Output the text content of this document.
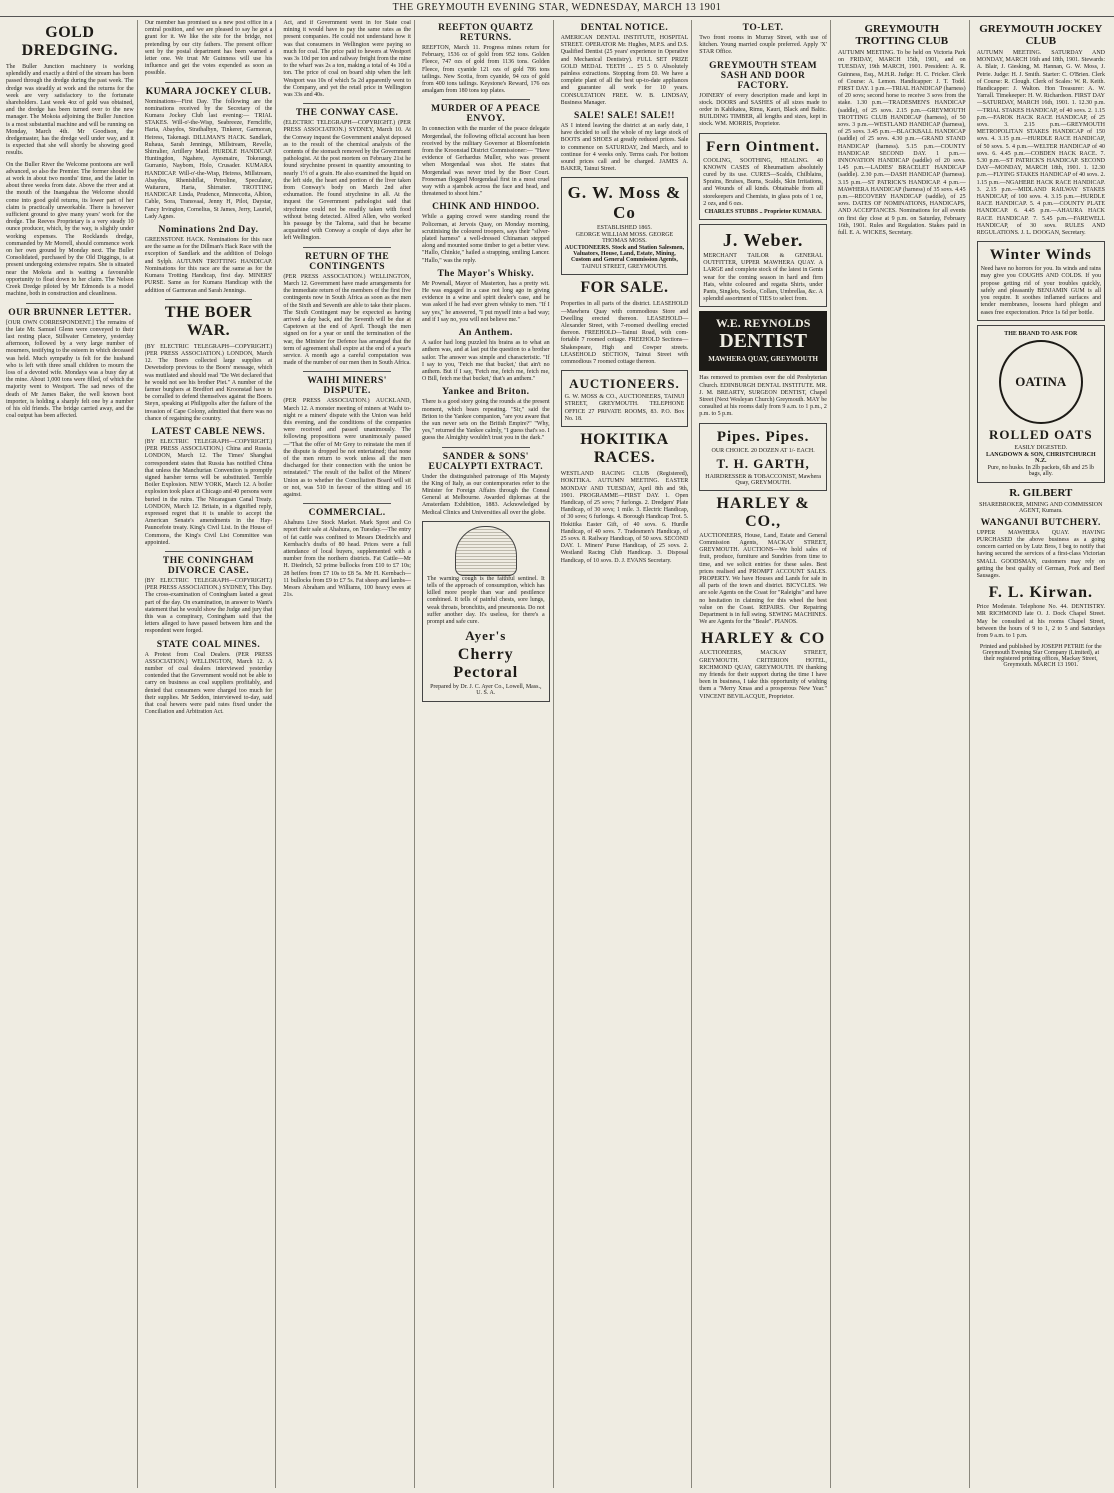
THE GREYMOUTH EVENING STAR, WEDNESDAY, MARCH 13 1901
GOLD DREDGING.

The Buller Junction machinery is working splendidly and exactly a third of the stream has been passed through the dredge during the past week. The dredge was steadily at work and the returns for the week are very satisfactory to the fortunate shareholders. Last week 4oz of gold was obtained, and the dredge has been turned over to the new manager. The Mokoia adjoining the Buller Junction is a most substantial machine and will be running on Monday, March 4th. Mr Goodison, the dredgemaster, has the dredge well under way, and it is expected that she will shortly be showing good results.

On the Buller River the Welcome pontoons are well advanced, so also the Premier. The former should be at work in about two months' time, and the latter in about three weeks from date. Above the river and at the mouth of the Inangahua the Welcome should come into good gold returns, its lower part of her claim is practically unworkable. There is however sufficient ground to give many years' work for the dredge. The Reeves Proprietary is a very steady 10 ounce producer, which, by the way, is slightly under working expenses. The Rocklands dredge, commanded by Mr Morrell, should commence work on her own ground by Monday next. The Buller Consolidated, purchased by the Old Diggings, is at present undergoing extensive repairs. She is situated near the Mokoia and is waiting a favourable opportunity to float down to her claim. The Nelson Creek Dredge piloted by Mr Edmonds is a model machine, both in construction and cleanliness.

OUR BRUNNER LETTER.

[OUR OWN CORRESPONDENT.] The remains of the late Mr. Samuel Glenn were conveyed to their last resting place, Stillwater Cemetery, yesterday afternoon, followed by a very large number of mourners, testifying to the esteem in which deceased was held. Much sympathy is felt for the husband who is left with three small children to mourn the loss of a devoted wife. Mondays was a busy day at the mine. About 1,000 tons were filled, of which the majority went to Westport. The sad news of the death of Mr James Baker, the well known boot importer, is holding a sharply felt one by a number of his old friends. The bridge carried away, and the coal output has been affected.

Our member has promised us a new post office in a central position, and we are pleased to say he got a grant for it. We like the site for the bridge, not pretending by our city fathers. The present officer sent by the postal department has been warned a letter one. We trust Mr Guinness will use his influence and get the votes expended as soon as possible.

KUMARA JOCKEY CLUB.

Nominations—First Day. The following are the nominations received by the Secretary of the Kumara Jockey Club last evening:— TRIAL STAKES. Will-o'-the-Wisp, Seabreeze, Ferncliffe, Haria, Abaydos, Strathalbyn, Tinkerer, Garmoran, Heiress, Takenagi. DILLMAN'S HACK. Sandlark, Ruhaua, Sarah Jennings, Millstream, Revelle, Shirralier, Artillery Maid. HURDLE HANDICAP. Huntingdon, Ngahere, Ayesmaire, Tokerangi, Gurranto, Naybom, Holo, Crusader. KUMARA HANDICAP. Will-o'-the-Wisp, Heiress, Millstream, Abaydos, Rhenishflat, Petroline, Speculator, Waitaruru, Haria, Shirraiter. TROTTING HANDICAP. Linda, Prudence, Minnecotta, Albion, Cable, Sora, Transvaal, Jenny H, Pilot, Daystar, Fancy Irvington, Cornelius, St James, Jerry, Lauriel, Lady Agnes.

Nominations 2nd Day.

GREENSTONE HACK. Nominations for this race are the same as for the Dillman's Hack Race with the exception of Sandlark and the addition of Dologo and Sylph. AUTUMN TROTTING HANDICAP. Nominations for this race are the same as for the Kumara Trotting Handicap, first day. MINERS' PURSE. Same as for Kumara Handicap with the addition of Garmoran and Sarah Jennings.

THE BOER WAR.

(BY ELECTRIC TELEGRAPH—COPYRIGHT.) (PER PRESS ASSOCIATION.) LONDON, March 12. The Boers collected large supplies at Dewetsdorp previous to the Boers' message, which was mutilated and should read "De Wet declared that he would not see his brother Piet." A number of the farmer burghers at Bredfort and Kroonstad have to be corralled to defend themselves against the Boers. Steyn, speaking at Philippolis after the failure of the invasion of Cape Colony, admitted that there was no chance of regaining the country.

LATEST CABLE NEWS.

(BY ELECTRIC TELEGRAPH—COPYRIGHT.) (PER PRESS ASSOCIATION.) China and Russia. LONDON, March 12. The Times' Shanghai correspondent states that Russia has notified China that unless the Manchurian Convention is promptly signed harsher terms will be substituted. Terrible Boiler Explosion. NEW YORK, March 12. A boiler explosion took place at Chicago and 40 persons were buried in the ruins. The Nicaraguan Canal Treaty. LONDON, March 12. Britain, in a dignified reply, expressed regret that it is unable to accept the American Senate's amendments in the Hay-Pauncefote treaty. King's Civil List. In the House of Commons, the King's Civil List Committee was appointed.

THE CONINGHAM DIVORCE CASE.

(BY ELECTRIC TELEGRAPH—COPYRIGHT.) (PER PRESS ASSOCIATION.) SYDNEY, This Day. The cross-examination of Coningham lasted a great part of the day. On examination, in answer to Want's statement that he would show the Judge and jury that this was a conspiracy, Coningham said that the letters alleged to have passed between him and the respondent were forged.

STATE COAL MINES.

A Protest from Coal Dealers. (PER PRESS ASSOCIATION.) WELLINGTON, March 12. A number of coal dealers interviewed yesterday contended that the Government would not be able to carry on business as coal suppliers profitably, and denied that consumers were charged too much for their supplies. Mr Seddon, interviewed to-day, said that coal hewers were paid rates fixed under the Conciliation and Arbitration Act.

Act, and if Government went in for State coal mining it would have to pay the same rates as the present companies. He could not understand how it was that consumers in Wellington were paying so much for coal. The price paid to hewers at Westport was 3s 10d per ton and railway freight from the mine to the wharf was 2s a ton, making a total of 4s 10d a ton. The price of coal on board ship when the left Westport was 10s of which 5s 2d apparently went to the Company, and yet the retail price in Wellington was 33s and 40s.

THE CONWAY CASE.

(ELECTRIC TELEGRAPH—COPYRIGHT.) (PER PRESS ASSOCIATION.) SYDNEY, March 10. At the Conway inquest the Government analyst deposed as to the result of the chemical analysis of the contents of the stomach removed by the Government pathologist. At the post mortem on February 21st he found strychnine present in quantity amounting to nearly 1½ of a grain. He also examined the liquid on the left side, the heart and portion of the liver taken from Conway's body on March 2nd after exhumation. He found strychnine in all. At the inquest the Government pathologist said that strychnine could not be readily taken with food without being detected. Alfred Allen, who worked his passage by the Taloma, said that he became acquainted with Conway a couple of days after he left Wellington.

RETURN OF THE CONTINGENTS

(PER PRESS ASSOCIATION.) WELLINGTON, March 12. Government have made arrangements for the immediate return of the members of the first five contingents now in South Africa as soon as the men of the Sixth and Seventh are able to take their places. The Sixth Contingent may be expected as having arrived a day back, and the Seventh will be due at Capetown at the end of April. Though the men signed on for a year or until the termination of the war, the Minister for Defence has arranged that the term of agreement shall expire at the end of a year's service. A month ago a careful computation was made of the number of our men then in South Africa.

WAIHI MINERS' DISPUTE.

(PER PRESS ASSOCIATION.) AUCKLAND, March 12. A monster meeting of miners at Waihi to-night re a miners' dispute with the Union was held this evening, and the conditions of the companies were received and passed unanimously. The following propositions were unanimously passed—"That the offer of Mr Grey to reinstate the men if the dispute is dropped be not entertained; that none of the men return to work unless all the men discharged for their connection with the union be reinstated." The result of the ballot of the Miners' Union as to whether the Conciliation Board will sit or not, was 510 in favour of the sitting and 16 against.

COMMERCIAL.

Ahahura Live Stock Market. Mark Sprot and Co report their sale at Ahahura, on Tuesday.—The entry of fat cattle was confined to Messrs Diedrich's and Kernbach's drafts of 80 head. Prices were a full attendance of local buyers, supplemented with a number from the northern districts. Fat Cattle—Mr H. Diedrich, 52 prime bullocks from £10 to £7 10s; 28 heifers from £7 10s to £8 5s. Mr H. Kernbach—11 bullocks from £9 to £7 5s. Fat sheep and lambs—Messrs Abraham and Williams, 100 heavy ewes at 21s.

REEFTON QUARTZ RETURNS.

REEFTON, March 11. Progress mines return for February, 1536 oz of gold from 952 tons. Golden Fleece, 747 ozs of gold from 1136 tons. Golden Fleece, from cyanide 121 ozs of gold 786 tons tailings. New Scotia, from cyanide, 94 ozs of gold from 400 tons tailings. Keystone's Reward, 176 ozs amalgam from 180 tons top plates.

MURDER OF A PEACE ENVOY.

In connection with the murder of the peace delegate Morgendaal, the following official account has been received by the military Governor at Bloemfontein from the Kroonstad District Commissioner:— "Have evidence of Gerhardus Muller, who was present when Morgendaal was shot. He states that Morgendaal was never tried by the Boer Court. Froneman flogged Morgendaal first in a most cruel way with a sjambok across the face and head, and threatened to shoot him."

CHINK AND HINDOO.

While a gaping crowd were standing round the Policeman, at Jervois Quay, on Monday morning, scrutinising the coloured troopers, says their "silver-plated harness" a well-dressed Chinaman stepped along and mounted some timber to get a better view. "Hallo, Chinkie," hailed a strapping, smiling Lancer. "Hallo," was the reply.

The Mayor's Whisky.

Mr Pownall, Mayor of Masterton, has a pretty wit. He was engaged in a case not long ago in giving evidence in a wine and spirit dealer's case, and he was asked if he had ever given whisky to men. "If I say yes," he answered, "I put myself into a bad way; and if I say no, you will not believe me."

An Anthem.

A sailor had long puzzled his brains as to what an anthem was, and at last put the question to a brother sailor. The answer was simple and characteristic. "If I say to you, 'Fetch me that bucket,' that ain't no anthem. But if I say, 'Fetch me, fetch me, fetch me, O Bill, fetch me that bucket,' that's an anthem."

Yankee and Briton.

There is a good story going the rounds at the present moment, which bears repeating. "Sir," said the Briton to the Yankee companion, "are you aware that the sun never sets on the British Empire?" "Why, yes," returned the Yankee calmly, "I guess that's so. I guess the Almighty wouldn't trust you in the dark."

SANDER & SONS' EUCALYPTI EXTRACT.

Under the distinguished patronage of His Majesty the King of Italy, as our contemporaries refer to the Minister for Foreign Affairs through the Consul General at Melbourne. Awarded diplomas at the Amsterdam Exhibition, 1883. Acknowledged by Medical Clinics and Universities all over the globe.

The warning cough is the faithful sentinel. It tells of the approach of consumption, which has killed more people than war and pestilence combined. It tells of painful chests, sore lungs, weak throats, bronchitis, and pneumonia. Do not suffer another day. It's useless, for there's a prompt and safe cure.

Ayer's
Cherry Pectoral
Prepared by Dr. J. C. Ayer Co., Lowell, Mass., U. S. A.
DENTAL NOTICE.

AMERICAN DENTAL INSTITUTE, HOSPITAL STREET. OPERATOR Mr. Hughes, M.P.S. and D.S. Qualified Dentist (25 years' experience in Operative and Mechanical Dentistry). FULL SET PRIZE GOLD MEDAL TEETH ... £5 5 0. Absolutely painless extractions. Stopping from £0. We have a complete plant of all the best up-to-date appliances and guarantee all work for 10 years. CONSULTATION FREE. W. B. LINDSAY, Business Manager.

SALE! SALE! SALE!!

AS I intend leaving the district at an early date, I have decided to sell the whole of my large stock of BOOTS and SHOES at greatly reduced prices. Sale to commence on SATURDAY, 2nd March, and to continue for 4 weeks only. Terms cash. For bottom sound prices call and be charged. JAMES A. BAKER, Tainui Street.

G. W. Moss & Co
ESTABLISHED 1865.
GEORGE WILLIAM MOSS. GEORGE THOMAS MOSS.
AUCTIONEERS. Stock and Station Salesmen, Valuators, House, Land, Estate, Mining, Custom and General Commission Agents,
TAINUI STREET, GREYMOUTH.
FOR SALE.

Properties in all parts of the district. LEASEHOLD—Mawhera Quay with commodious Store and Dwelling erected thereon. LEASEHOLD—Alexander Street, with 7-roomed dwelling erected thereon. FREEHOLD—Tainui Road, with com-fortable 7 roomed cottage. FREEHOLD Sections—Shakespeare, High and Cowper streets. LEASEHOLD SECTION, Tainui Street with commodious 7 roomed cottage thereon.

AUCTIONEERS.

G. W. MOSS & CO., AUCTIONEERS, TAINUI STREET, GREYMOUTH. TELEPHONE OFFICE 27 PRIVATE ROOMS, 83. P.O. Box No. 18.

HOKITIKA RACES.

WESTLAND RACING CLUB (Registered), HOKITIKA. AUTUMN MEETING. EASTER MONDAY AND TUESDAY, April 8th and 9th, 1901. PROGRAMME—FIRST DAY. 1. Open Handicap, of 25 sovs; 7 furlongs. 2. Dredgers' Plate Handicap, of 30 sovs; 1 mile. 3. Electric Handicap, of 30 sovs; 6 furlongs. 4. Borough Handicap Trot. 5. Hokitika Easter Gift, of 40 sovs. 6. Hurdle Handicap, of 40 sovs. 7. Tradesmen's Handicap, of 25 sovs. 8. Railway Handicap, of 50 sovs. SECOND DAY. 1. Miners' Purse Handicap, of 25 sovs. 2. Westland Racing Club Handicap. 3. Disposal Handicap, of 10 sovs. D. J. EVANS Secretary.

TO-LET.

Two front rooms in Murray Street, with use of kitchen. Young married couple preferred. Apply 'X' STAR Office.

GREYMOUTH STEAM SASH AND DOOR FACTORY.

JOINERY of every description made and kept in stock. DOORS and SASHES of all sizes made to order in Kahikatea, Rimu, Kauri, Black and Baltic. BUILDING TIMBER, all lengths and sizes, kept in stock. WM. MORRIS, Proprietor.

Fern Ointment.

COOLING, SOOTHING, HEALING. 40 KNOWN CASES of Rheumatism absolutely cured by its use. CURES—Scalds, Chilblains, Sprains, Bruises, Burns, Scalds, Skin Irritations, and Wounds of all kinds. Obtainable from all storekeepers and Chemists, in glass pots of 1 oz, 2 ozs, and 6 ozs.

CHARLES STUBBS .. Proprietor KUMARA.
J. Weber.

MERCHANT TAILOR & GENERAL OUTFITTER, UPPER MAWHERA QUAY. A LARGE and complete stock of the latest in Gents wear for the coming season in hard and firm Hats, white coloured and regatta Shirts, under Pants, Singlets, Socks, Collars, Umbrellas, &c. A splendid assortment of TIES to select from.

W.E. REYNOLDS
DENTIST
MAWHERA QUAY, GREYMOUTH

Has removed to premises over the old Presbyterian Church. EDINBURGH DENTAL INSTITUTE. MR. J. M. BREARTY, SURGEON DENTIST, Chapel Street (Next Wesleyan Church) Greymouth. MAY be consulted at his rooms daily from 9 a.m. to 1 p.m., 2 p.m. to 5 p.m.

Pipes. Pipes.
OUR CHOICE. 20 DOZEN AT 1/- EACH.
T. H. GARTH,
HAIRDRESSER & TOBACCONIST, Mawhera Quay, GREYMOUTH.
HARLEY & CO.,

AUCTIONEERS, House, Land, Estate and General Commission Agents, MACKAY STREET, GREYMOUTH. AUCTIONS—We hold sales of fruit, produce, furniture and Sundries from time to time, and we solicit entries for these sales. Best prices realised and PROMPT ACCOUNT SALES. PROPERTY. We have Houses and Lands for sale in all parts of the town and district. BICYCLES. We are sole Agents on the Coast for "Raleighs" and have no hesitation in claiming for this wheel the best value on the Coast. REPAIRS. Our Repairing Department is in full swing. SEWING MACHINES. We are Agents for the "Beale". PIANOS.

HARLEY & CO

AUCTIONEERS, MACKAY STREET, GREYMOUTH. CRITERION HOTEL, RICHMOND QUAY, GREYMOUTH. IN thanking my friends for their support during the time I have been in business, I take this opportunity of wishing them a "Merry Xmas and a prosperous New Year." VINCENT BEVILACQUE, Proprietor.

GREYMOUTH TROTTING CLUB

AUTUMN MEETING. To be held on Victoria Park on FRIDAY, MARCH 15th, 1901, and on TUESDAY, 19th MARCH, 1901. President: A. R. Guinness, Esq., M.H.R. Judge: H. C. Fricker. Clerk of Course: A. Lemon. Handicapper: J. T. Todd. FIRST DAY. 1 p.m.—TRIAL HANDICAP (harness) of 20 sovs; second horse to receive 3 sovs from the stake. 1.30 p.m.—TRADESMEN'S HANDICAP (saddle), of 25 sovs. 2.15 p.m.—GREYMOUTH TROTTING CLUB HANDICAP (harness), of 50 sovs. 3 p.m.—WESTLAND HANDICAP (harness), of 25 sovs. 3.45 p.m.—BLACKBALL HANDICAP (saddle) of 25 sovs. 4.30 p.m.—GRAND STAND HANDICAP (harness). 5.15 p.m.—COUNTY HANDICAP. SECOND DAY. 1 p.m.—INNOVATION HANDICAP (saddle) of 20 sovs. 1.45 p.m.—LADIES' BRACELET HANDICAP (saddle). 2.30 p.m.—DASH HANDICAP (harness). 3.15 p.m.—ST PATRICK'S HANDICAP. 4 p.m.—MAWHERA HANDICAP (harness) of 35 sovs. 4.45 p.m.—RECOVERY HANDICAP (saddle), of 25 sovs. DATES OF NOMINATIONS, HANDICAPS, AND ACCEPTANCES. Nominations for all events on first day close at 9 p.m. on Saturday, February 16th, 1901. Rules and Regulation. Stakes paid in full. E. A. WICKES, Secretary.

GREYMOUTH JOCKEY CLUB

AUTUMN MEETING. SATURDAY AND MONDAY, MARCH 16th and 18th, 1901. Stewards: A. Blair, J. Giesking, M. Hannan, G. W. Moss, J. Petrie. Judge: H. J. Smith. Starter: C. O'Brien. Clerk of Course: R. Clough. Clerk of Scales: W. R. Keith. Handicapper: J. Walton. Hon Treasurer: A. W. Yarrall. Timekeeper: H. W. Richardson. FIRST DAY—SATURDAY, MARCH 16th, 1901. 1. 12.30 p.m.—TRIAL STAKES HANDICAP, of 40 sovs. 2. 1.15 p.m.—FAROK HACK RACE HANDICAP, of 25 sovs. 3. 2.15 p.m.—GREYMOUTH METROPOLITAN STAKES HANDICAP of 150 sovs. 4. 3.15 p.m.—HURDLE RACE HANDICAP, of 50 sovs. 5. 4 p.m.—WELTER HANDICAP of 40 sovs. 6. 4.45 p.m.—COBDEN HACK RACE. 7. 5.30 p.m.—ST PATRICK'S HANDICAP. SECOND DAY—MONDAY, MARCH 18th, 1901. 1. 12.30 p.m.—FLYING STAKES HANDICAP of 40 sovs. 2. 1.15 p.m.—NGAHERE HACK RACE HANDICAP. 3. 2.15 p.m.—MIDLAND RAILWAY STAKES HANDICAP, of 100 sovs. 4. 3.15 p.m.—HURDLE RACE HANDICAP. 5. 4 p.m.—COUNTY PLATE HANDICAP. 6. 4.45 p.m.—AHAURA HACK RACE HANDICAP. 7. 5.45 p.m.—FAREWELL HANDICAP, of 30 sovs. RULES AND REGULATIONS. J. L. DOOGAN, Secretary.

Winter Winds

Need have no horrors for you. Its winds and rains may give you COUGHS AND COLDS. If you propose getting rid of your troubles quickly, safely and pleasantly BENJAMIN GUM is all you require. It soothes inflamed surfaces and tender membranes, loosens hard phlegm and eases free expectoration. Price 1s 6d per bottle.

THE BRAND TO ASK FOR
OATINA
ROLLED OATS
EASILY DIGESTED.
LANGDOWN & SON, CHRISTCHURCH N.Z.
Pure, no husks. In 2lb packets, 6lb and 25 lb bags, ally.
R. GILBERT
SHAREBROKER, MINING AND COMMISSION AGENT, Kumara.
WANGANUI BUTCHERY.

UPPER MAWHERA QUAY. HAVING PURCHASED the above business as a going concern carried on by Lutz Bros, I beg to notify that having secured the services of a first-class Victorian SMALL GOODSMAN, customers may rely on getting the best quality of German, Pork and Beef Sausages.

F. L. Kirwan.

Price Moderate. Telephone No. 44. DENTISTRY. MR RICHMOND late O. J. Dock Chapel Street. May be consulted at his rooms Chapel Street, between the hours of 9 to 1, 2 to 5 and Saturdays from 9 a.m. to 1 p.m.

Printed and published by JOSEPH PETRIE for the Greymouth Evening Star Company (Limited), at their registered printing offices, Mackay Street, Greymouth. MARCH 13 1901.
